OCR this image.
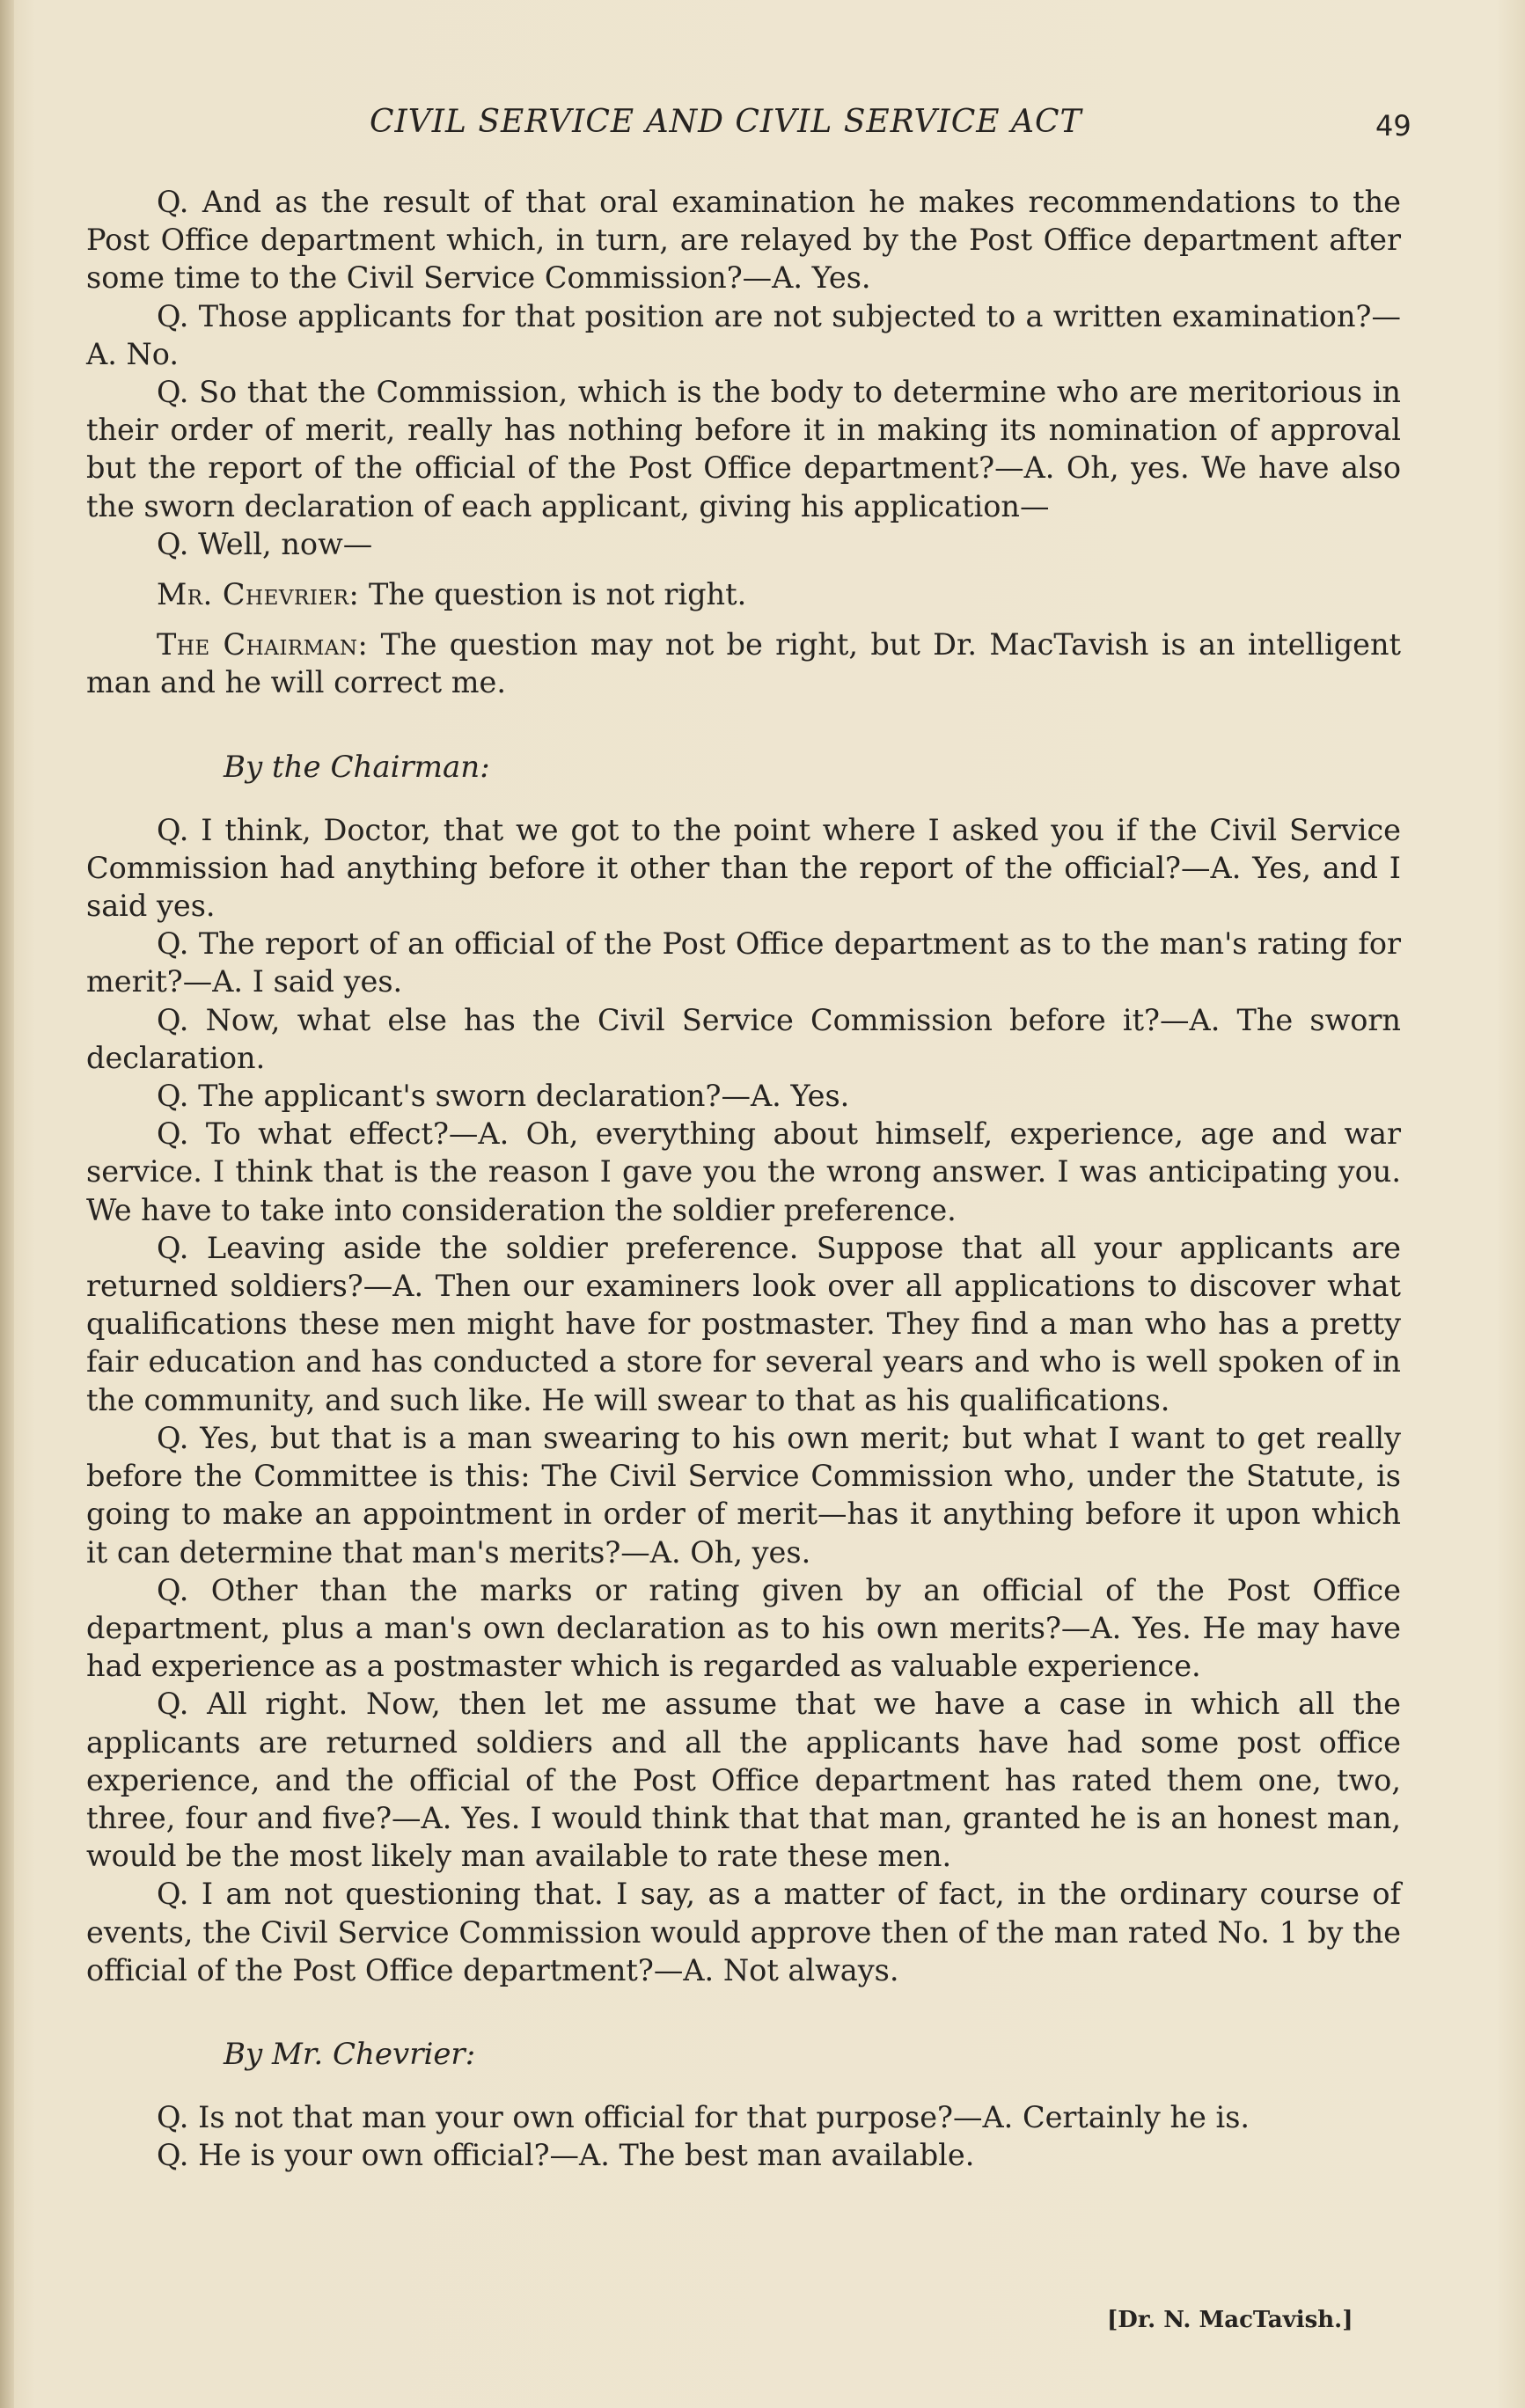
CIVIL SERVICE AND CIVIL SERVICE ACT	49

Q. And as the result of that oral examination he makes recommendations to the Post Office department which, in turn, are relayed by the Post Office department after some time to the Civil Service Commission?—A. Yes.

Q. Those applicants for that position are not subjected to a written examination?—A. No.

Q. So that the Commission, which is the body to determine who are meritorious in their order of merit, really has nothing before it in making its nomination of approval but the report of the official of the Post Office department?—A. Oh, yes. We have also the sworn declaration of each applicant, giving his application—

Q. Well, now—

Mr. Chevrier: The question is not right.

The Chairman: The question may not be right, but Dr. MacTavish is an intelligent man and he will correct me.

By the Chairman:

Q. I think, Doctor, that we got to the point where I asked you if the Civil Service Commission had anything before it other than the report of the official?—A. Yes, and I said yes.

Q. The report of an official of the Post Office department as to the man's rating for merit?—A. I said yes.

Q. Now, what else has the Civil Service Commission before it?—A. The sworn declaration.

Q. The applicant's sworn declaration?—A. Yes.

Q. To what effect?—A. Oh, everything about himself, experience, age and war service. I think that is the reason I gave you the wrong answer. I was anticipating you. We have to take into consideration the soldier preference.

Q. Leaving aside the soldier preference. Suppose that all your applicants are returned soldiers?—A. Then our examiners look over all applications to discover what qualifications these men might have for postmaster. They find a man who has a pretty fair education and has conducted a store for several years and who is well spoken of in the community, and such like. He will swear to that as his qualifications.

Q. Yes, but that is a man swearing to his own merit; but what I want to get really before the Committee is this: The Civil Service Commission who, under the Statute, is going to make an appointment in order of merit—has it anything before it upon which it can determine that man's merits?—A. Oh, yes.

Q. Other than the marks or rating given by an official of the Post Office department, plus a man's own declaration as to his own merits?—A. Yes. He may have had experience as a postmaster which is regarded as valuable experience.

Q. All right. Now, then let me assume that we have a case in which all the applicants are returned soldiers and all the applicants have had some post office experience, and the official of the Post Office department has rated them one, two, three, four and five?—A. Yes. I would think that that man, granted he is an honest man, would be the most likely man available to rate these men.

Q. I am not questioning that. I say, as a matter of fact, in the ordinary course of events, the Civil Service Commission would approve then of the man rated No. 1 by the official of the Post Office department?—A. Not always.

By Mr. Chevrier:

Q. Is not that man your own official for that purpose?—A. Certainly he is.

Q. He is your own official?—A. The best man available.

[Dr. N. MacTavish.]
